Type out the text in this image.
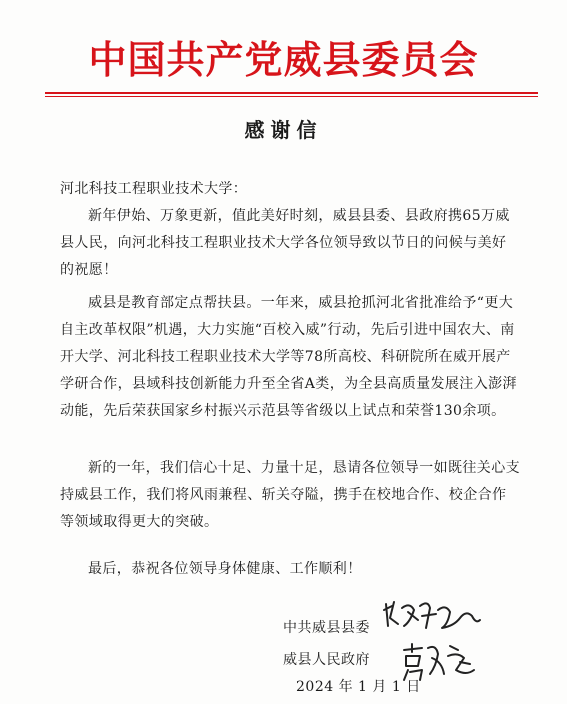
中国共产党威县委员会
感谢信
河北科技工程职业技术大学：

新年伊始、万象更新，值此美好时刻，威县县委、县政府携65万威县人民，向河北科技工程职业技术大学各位领导致以节日的问候与美好的祝愿！

威县是教育部定点帮扶县。一年来，威县抢抓河北省批准给予“更大自主改革权限”机遇，大力实施“百校入威”行动，先后引进中国农大、南开大学、河北科技工程职业技术大学等78所高校、科研院所在威开展产学研合作，县域科技创新能力升至全省A类，为全县高质量发展注入澎湃动能，先后荣获国家乡村振兴示范县等省级以上试点和荣誉130余项。

新的一年，我们信心十足、力量十足，恳请各位领导一如既往关心支持威县工作，我们将风雨兼程、斩关夺隘，携手在校地合作、校企合作等领域取得更大的突破。

最后，恭祝各位领导身体健康、工作顺利！

中共威县县委
威县人民政府
2024 年 1 月 1 日
